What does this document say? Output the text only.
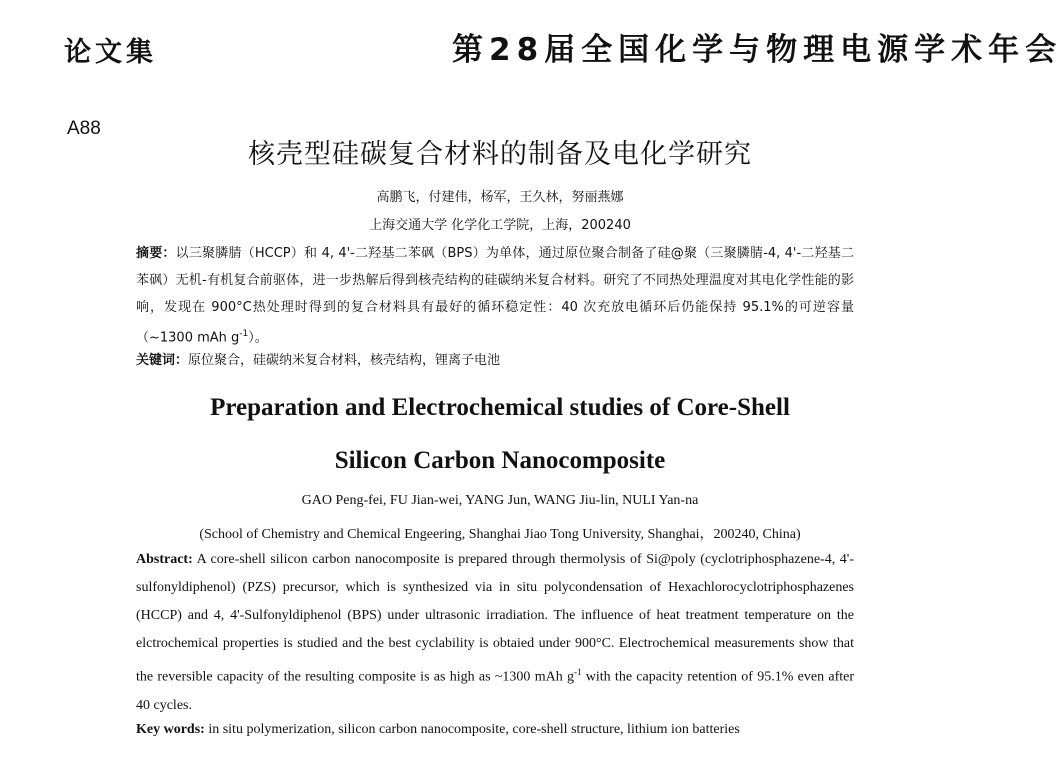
论文集	第28届全国化学与物理电源学术年会
A88
核壳型硅碳复合材料的制备及电化学研究
高鹏飞，付建伟，杨军，王久林，努丽燕娜
上海交通大学 化学化工学院，上海，200240
摘要：以三聚膦腈（HCCP）和 4, 4'-二羟基二苯砜（BPS）为单体，通过原位聚合制备了硅@聚（三聚膦腈-4, 4'-二羟基二苯砜）无机-有机复合前驱体，进一步热解后得到核壳结构的硅碳纳米复合材料。研究了不同热处理温度对其电化学性能的影响，发现在 900°C热处理时得到的复合材料具有最好的循环稳定性：40 次充放电循环后仍能保持 95.1%的可逆容量（~1300 mAh $g^{-1}$）。
关键词：原位聚合，硅碳纳米复合材料，核壳结构，锂离子电池
Preparation and Electrochemical studies of Core-Shell
Silicon Carbon Nanocomposite
GAO Peng-fei, FU Jian-wei, YANG Jun, WANG Jiu-lin, NULI Yan-na
(School of Chemistry and Chemical Engeering, Shanghai Jiao Tong University, Shanghai，200240, China)
Abstract: A core-shell silicon carbon nanocomposite is prepared through thermolysis of Si@poly (cyclotriphosphazene-4, 4'-sulfonyldiphenol) (PZS) precursor, which is synthesized via in situ polycondensation of Hexachlorocyclotriphosphazenes (HCCP) and 4, 4'-Sulfonyldiphenol (BPS) under ultrasonic irradiation. The influence of heat treatment temperature on the elctrochemical properties is studied and the best cyclability is obtaied under 900°C. Electrochemical measurements show that the reversible capacity of the resulting composite is as high as ~1300 mAh $g^{-1}$ with the capacity retention of 95.1% even after 40 cycles.
Key words: in situ polymerization, silicon carbon nanocomposite, core-shell structure, lithium ion batteries
